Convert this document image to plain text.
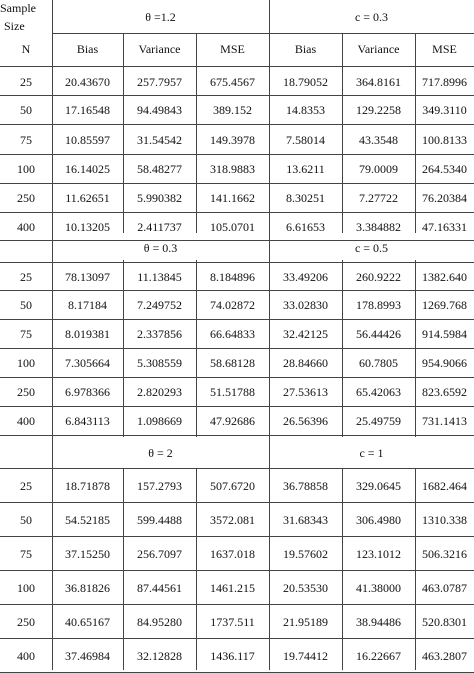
Sample
Size
N	Bias	Variance	MSE	Bias	Variance	MSE
θ =1.2	c = 0.3
25	20.43670	257.7957	675.4567	18.79052	364.8161	717.8996
50	17.16548	94.49843	389.152	14.8353	129.2258	349.3110
75	10.85597	31.54542	149.3978	7.58014	43.3548	100.8133
100	16.14025	58.48277	318.9883	13.6211	79.0009	264.5340
250	11.62651	5.990382	141.1662	8.30251	7.27722	76.20384
400	10.13205	2.411737	105.0701	6.61653	3.384882	47.16331
θ = 0.3	c = 0.5
25	78.13097	11.13845	8.184896	33.49206	260.9222	1382.640
50	8.17184	7.249752	74.02872	33.02830	178.8993	1269.768
75	8.019381	2.337856	66.64833	32.42125	56.44426	914.5984
100	7.305664	5.308559	58.68128	28.84660	60.7805	954.9066
250	6.978366	2.820293	51.51788	27.53613	65.42063	823.6592
400	6.843113	1.098669	47.92686	26.56396	25.49759	731.1413
θ = 2	c = 1
25	18.71878	157.2793	507.6720	36.78858	329.0645	1682.464
50	54.52185	599.4488	3572.081	31.68343	306.4980	1310.338
75	37.15250	256.7097	1637.018	19.57602	123.1012	506.3216
100	36.81826	87.44561	1461.215	20.53530	41.38000	463.0787
250	40.65167	84.95280	1737.511	21.95189	38.94486	520.8301
400	37.46984	32.12828	1436.117	19.74412	16.22667	463.2807
